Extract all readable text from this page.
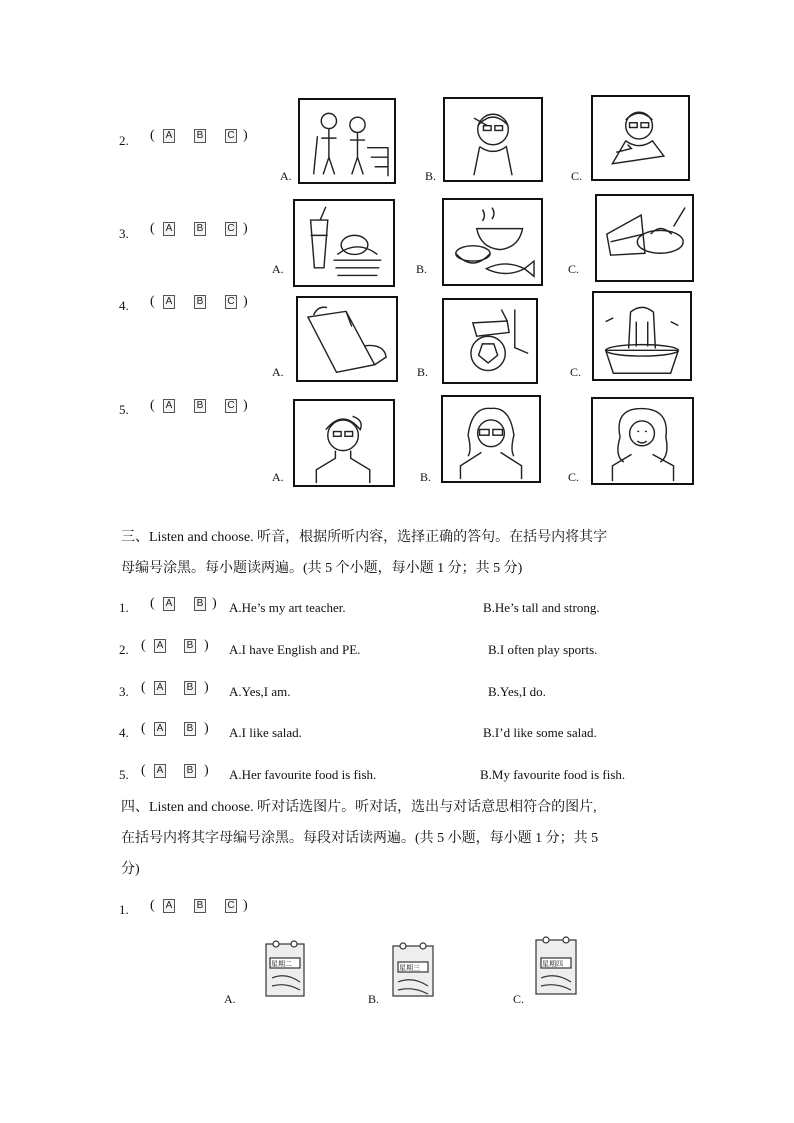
2. ( A B C )
A.	B.	C.
3. ( A B C )
A.	B.	C.
4. ( A B C )
A.	B.	C.
5. ( A B C )
A.	B.	C.
三、Listen and choose. 听音，根据所听内容，选择正确的答句。在括号内将其字
母编号涂黑。每小题读两遍。(共 5 个小题，每小题 1 分；共 5 分)
1. ( A B ) A.He’s my art teacher.	B.He’s tall and strong.
2. ( A B ) A.I have English and PE.	B.I often play sports.
3. ( A B ) A.Yes,I am.	B.Yes,I do.
4. ( A B ) A.I like salad.	B.I’d like some salad.
5. ( A B ) A.Her favourite food is fish.	B.My favourite food is fish.
四、Listen and choose. 听对话选图片。听对话，选出与对话意思相符合的图片,
在括号内将其字母编号涂黑。每段对话读两遍。(共 5 小题，每小题 1 分；共 5
分)
1. ( A B C )
A.
星期二
B.
星期三
C.
星期四
